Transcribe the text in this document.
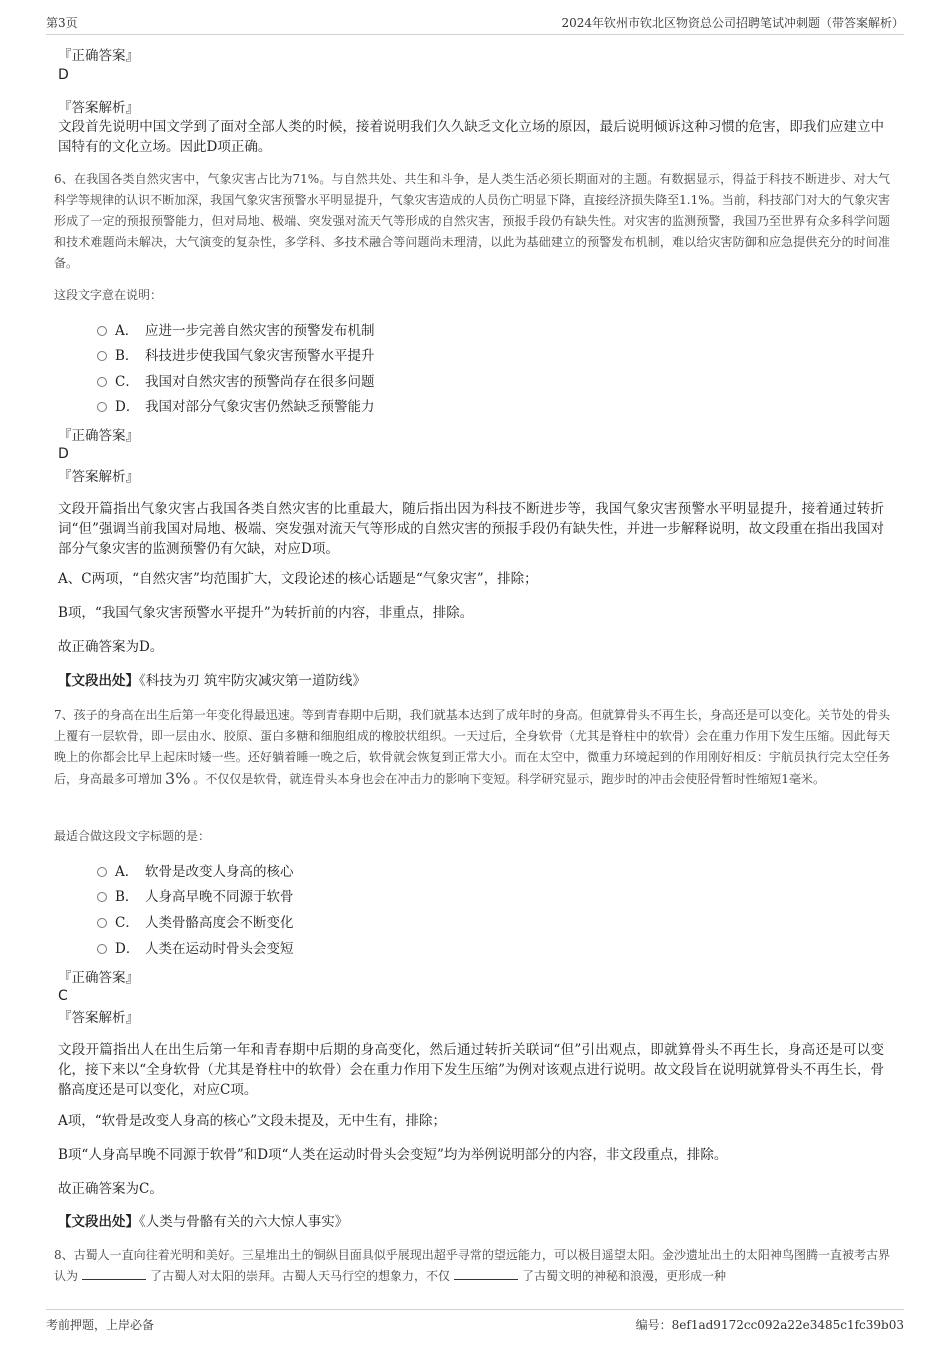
第3页	2024年钦州市钦北区物资总公司招聘笔试冲刺题（带答案解析）
『正确答案』
D
『答案解析』
文段首先说明中国文学到了面对全部人类的时候，接着说明我们久久缺乏文化立场的原因，最后说明倾诉这种习惯的危害，即我们应建立中国特有的文化立场。因此D项正确。
6、在我国各类自然灾害中，气象灾害占比为71%。与自然共处、共生和斗争，是人类生活必须长期面对的主题。有数据显示，得益于科技不断进步、对大气科学等规律的认识不断加深，我国气象灾害预警水平明显提升，气象灾害造成的人员伤亡明显下降，直接经济损失降至1.1%。当前，科技部门对大的气象灾害形成了一定的预报预警能力，但对局地、极端、突发强对流天气等形成的自然灾害，预报手段仍有缺失性。对灾害的监测预警，我国乃至世界有众多科学问题和技术难题尚未解决，大气演变的复杂性，多学科、多技术融合等问题尚未理清，以此为基础建立的预警发布机制，难以给灾害防御和应急提供充分的时间准备。
这段文字意在说明：
A． 应进一步完善自然灾害的预警发布机制
B． 科技进步使我国气象灾害预警水平提升
C． 我国对自然灾害的预警尚存在很多问题
D． 我国对部分气象灾害仍然缺乏预警能力
『正确答案』
D
『答案解析』
文段开篇指出气象灾害占我国各类自然灾害的比重最大，随后指出因为科技不断进步等，我国气象灾害预警水平明显提升，接着通过转折词“但”强调当前我国对局地、极端、突发强对流天气等形成的自然灾害的预报手段仍有缺失性，并进一步解释说明，故文段重在指出我国对部分气象灾害的监测预警仍有欠缺，对应D项。
A、C两项，“自然灾害”均范围扩大，文段论述的核心话题是“气象灾害”，排除；
B项，“我国气象灾害预警水平提升”为转折前的内容，非重点，排除。
故正确答案为D。
【文段出处】《科技为刃 筑牢防灾减灾第一道防线》
7、孩子的身高在出生后第一年变化得最迅速。等到青春期中后期，我们就基本达到了成年时的身高。但就算骨头不再生长，身高还是可以变化。关节处的骨头上覆有一层软骨，即一层由水、胶原、蛋白多糖和细胞组成的橡胶状组织。一天过后，全身软骨（尤其是脊柱中的软骨）会在重力作用下发生压缩。因此每天晚上的你都会比早上起床时矮一些。还好躺着睡一晚之后，软骨就会恢复到正常大小。而在太空中，微重力环境起到的作用刚好相反：宇航员执行完太空任务后，身高最多可增加 3% 。不仅仅是软骨，就连骨头本身也会在冲击力的影响下变短。科学研究显示，跑步时的冲击会使胫骨暂时性缩短1毫米。
最适合做这段文字标题的是：
A． 软骨是改变人身高的核心
B． 人身高早晚不同源于软骨
C． 人类骨骼高度会不断变化
D． 人类在运动时骨头会变短
『正确答案』
C
『答案解析』
文段开篇指出人在出生后第一年和青春期中后期的身高变化，然后通过转折关联词“但”引出观点，即就算骨头不再生长，身高还是可以变化，接下来以“全身软骨（尤其是脊柱中的软骨）会在重力作用下发生压缩”为例对该观点进行说明。故文段旨在说明就算骨头不再生长，骨骼高度还是可以变化，对应C项。
A项，“软骨是改变人身高的核心”文段未提及，无中生有，排除；
B项“人身高早晚不同源于软骨”和D项“人类在运动时骨头会变短”均为举例说明部分的内容，非文段重点，排除。
故正确答案为C。
【文段出处】《人类与骨骼有关的六大惊人事实》
8、古蜀人一直向往着光明和美好。三星堆出土的铜纵目面具似乎展现出超乎寻常的望远能力，可以极目遥望太阳。金沙遗址出土的太阳神鸟图腾一直被考古界认为	了古蜀人对太阳的崇拜。古蜀人天马行空的想象力，不仅	了古蜀文明的神秘和浪漫，更形成一种
考前押题，上岸必备	编号：8ef1ad9172cc092a22e3485c1fc39b03
